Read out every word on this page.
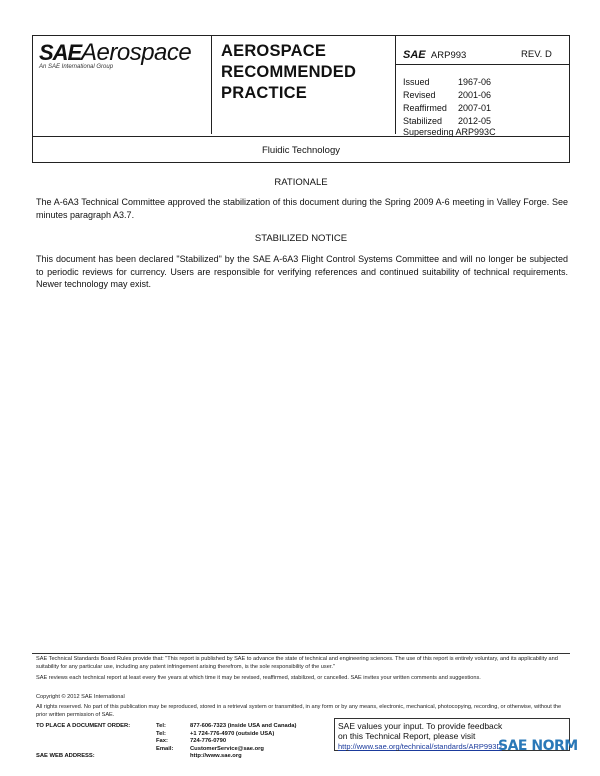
SAE Aerospace
An SAE International Group
AEROSPACE
RECOMMENDED
PRACTICE
SAE ARP993	REV. D
Issued	1967-06
Revised 2001-06
Reaffirmed 2007-01
Stabilized 2012-05
Superseding ARP993C
Fluidic Technology
RATIONALE
The A-6A3 Technical Committee approved the stabilization of this document during the Spring 2009 A-6 meeting in Valley Forge. See minutes paragraph A3.7.
STABILIZED NOTICE
This document has been declared "Stabilized" by the SAE A-6A3 Flight Control Systems Committee and will no longer be subjected to periodic reviews for currency. Users are responsible for verifying references and continued suitability of technical requirements. Newer technology may exist.
SAE Technical Standards Board Rules provide that: "This report is published by SAE to advance the state of technical and engineering sciences. The use of this report is entirely voluntary, and its applicability and suitability for any particular use, including any patent infringement arising therefrom, is the sole responsibility of the user."
SAE reviews each technical report at least every five years at which time it may be revised, reaffirmed, stabilized, or cancelled. SAE invites your written comments and suggestions.
Copyright © 2012 SAE International
All rights reserved. No part of this publication may be reproduced, stored in a retrieval system or transmitted, in any form or by any means, electronic, mechanical, photocopying, recording, or otherwise, without the prior written permission of SAE.
TO PLACE A DOCUMENT ORDER:	Tel:	877-606-7323 (inside USA and Canada)
Tel:	+1 724-776-4970 (outside USA)
Fax:	724-776-0790
Email:	CustomerService@sae.org
SAE WEB ADDRESS:	http://www.sae.org
SAE values your input. To provide feedback
on this Technical Report, please visit
http://www.sae.org/technical/standards/ARP993D
SAE NORM
